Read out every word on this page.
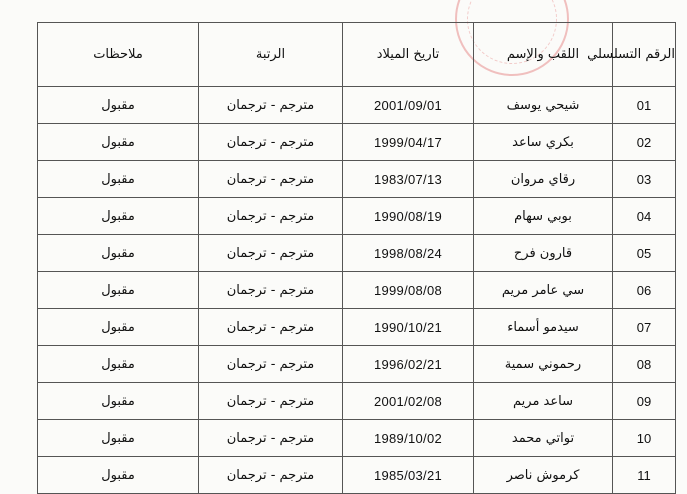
الرقم التسلسلي	اللقب والإسم	تاريخ الميلاد	الرتبة	ملاحظات
01	شيحي يوسف	2001/09/01	مترجم - ترجمان	مقبول
02	بكري ساعد	1999/04/17	مترجم - ترجمان	مقبول
03	رقاي مروان	1983/07/13	مترجم - ترجمان	مقبول
04	بوبي سهام	1990/08/19	مترجم - ترجمان	مقبول
05	قارون فرح	1998/08/24	مترجم - ترجمان	مقبول
06	سي عامر مريم	1999/08/08	مترجم - ترجمان	مقبول
07	سيدمو أسماء	1990/10/21	مترجم - ترجمان	مقبول
08	رحموني سمية	1996/02/21	مترجم - ترجمان	مقبول
09	ساعد مريم	2001/02/08	مترجم - ترجمان	مقبول
10	تواتي محمد	1989/10/02	مترجم - ترجمان	مقبول
11	كرموش ناصر	1985/03/21	مترجم - ترجمان	مقبول
